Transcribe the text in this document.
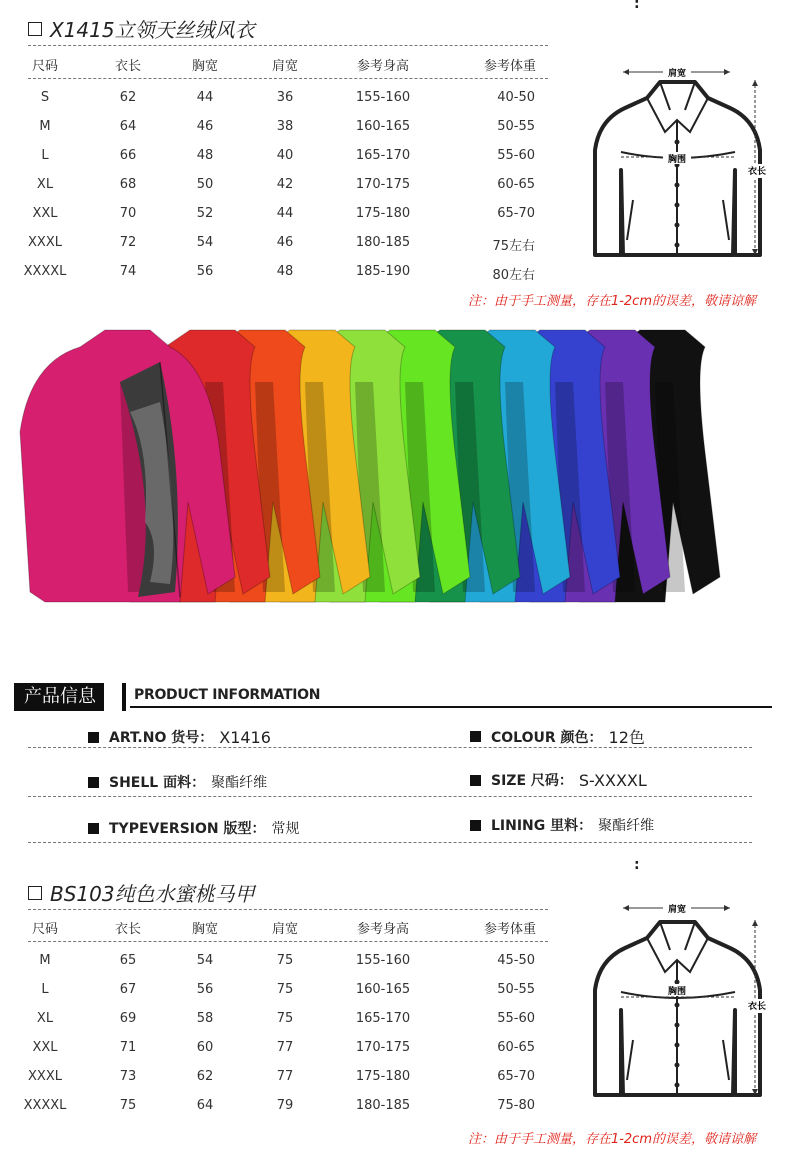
:
X1415立领天丝绒风衣
尺码	衣长	胸宽	肩宽	参考身高	参考体重
S	62	44	36	155-160	40-50
M	64	46	38	160-165	50-55
L	66	48	40	165-170	55-60
XL	68	50	42	170-175	60-65
XXL	70	52	44	175-180	65-70
XXXL	72	54	46	180-185	75左右
XXXXL	74	56	48	185-190	80左右
肩宽
胸围
衣长
注：由于手工测量，存在1-2cm的误差，敬请谅解
产品信息	PRODUCT INFORMATION
ART.NO 货号： X1416	COLOUR 颜色： 12色
SHELL 面料： 聚酯纤维	SIZE 尺码： S-XXXXL
TYPEVERSION 版型： 常规	LINING 里料： 聚酯纤维
:
BS103纯色水蜜桃马甲
尺码	衣长	胸宽	肩宽	参考身高	参考体重
M	65	54	75	155-160	45-50
L	67	56	75	160-165	50-55
XL	69	58	75	165-170	55-60
XXL	71	60	77	170-175	60-65
XXXL	73	62	77	175-180	65-70
XXXXL	75	64	79	180-185	75-80
肩宽
胸围
衣长
注：由于手工测量，存在1-2cm的误差，敬请谅解
